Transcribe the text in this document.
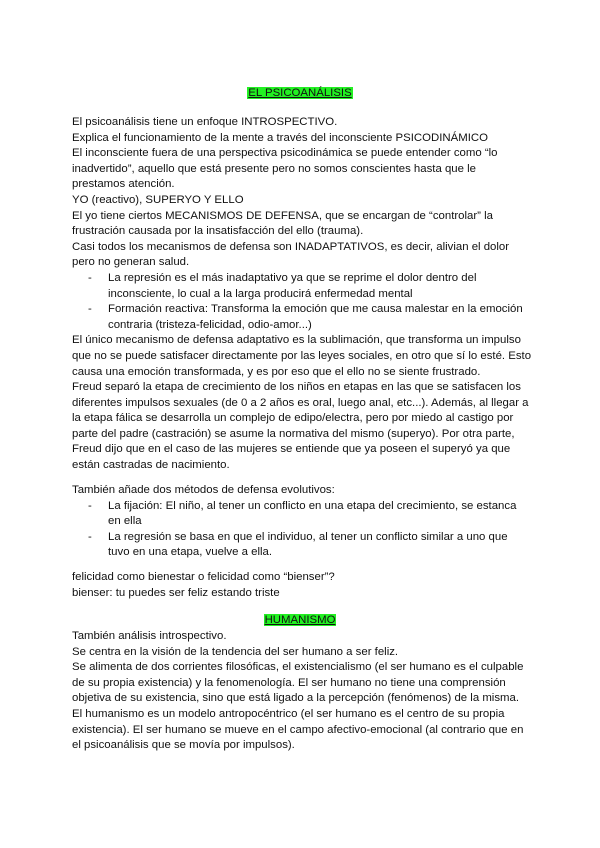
EL PSICOANÁLISIS

El psicoanálisis tiene un enfoque INTROSPECTIVO.

Explica el funcionamiento de la mente a través del inconsciente PSICODINÁMICO

El inconsciente fuera de una perspectiva psicodinámica se puede entender como “lo inadvertido”, aquello que está presente pero no somos conscientes hasta que le prestamos atención.

YO (reactivo), SUPERYO Y ELLO

El yo tiene ciertos MECANISMOS DE DEFENSA, que se encargan de “controlar” la frustración causada por la insatisfacción del ello (trauma).

Casi todos los mecanismos de defensa son INADAPTATIVOS, es decir, alivian el dolor pero no generan salud.

- La represión es el más inadaptativo ya que se reprime el dolor dentro del inconsciente, lo cual a la larga producirá enfermedad mental
- Formación reactiva: Transforma la emoción que me causa malestar en la emoción contraria (tristeza-felicidad, odio-amor...)

El único mecanismo de defensa adaptativo es la sublimación, que transforma un impulso que no se puede satisfacer directamente por las leyes sociales, en otro que sí lo esté. Esto causa una emoción transformada, y es por eso que el ello no se siente frustrado.

Freud separó la etapa de crecimiento de los niños en etapas en las que se satisfacen los diferentes impulsos sexuales (de 0 a 2 años es oral, luego anal, etc...). Además, al llegar a la etapa fálica se desarrolla un complejo de edipo/electra, pero por miedo al castigo por parte del padre (castración) se asume la normativa del mismo (superyo). Por otra parte, Freud dijo que en el caso de las mujeres se entiende que ya poseen el superyó ya que están castradas de nacimiento.

También añade dos métodos de defensa evolutivos:

- La fijación: El niño, al tener un conflicto en una etapa del crecimiento, se estanca en ella
- La regresión se basa en que el individuo, al tener un conflicto similar a uno que tuvo en una etapa, vuelve a ella.

felicidad como bienestar o felicidad como “bienser”?

bienser: tu puedes ser feliz estando triste

HUMANISMO

También análisis introspectivo.

Se centra en la visión de la tendencia del ser humano a ser feliz.

Se alimenta de dos corrientes filosóficas, el existencialismo (el ser humano es el culpable de su propia existencia) y la fenomenología. El ser humano no tiene una comprensión objetiva de su existencia, sino que está ligado a la percepción (fenómenos) de la misma.

El humanismo es un modelo antropocéntrico (el ser humano es el centro de su propia existencia). El ser humano se mueve en el campo afectivo-emocional (al contrario que en el psicoanálisis que se movía por impulsos).
